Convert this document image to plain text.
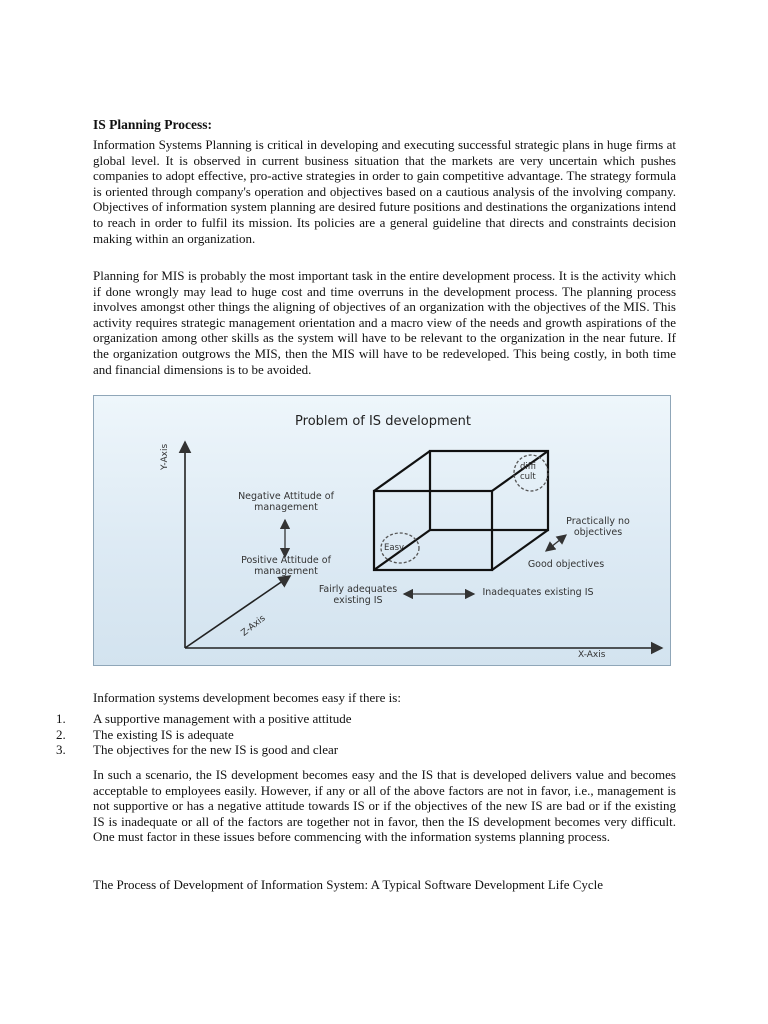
IS Planning Process:

Information Systems Planning is critical in developing and executing successful strategic plans in huge firms at global level. It is observed in current business situation that the markets are very uncertain which pushes companies to adopt effective, pro-active strategies in order to gain competitive advantage. The strategy formula is oriented through company's operation and objectives based on a cautious analysis of the involving company. Objectives of information system planning are desired future positions and destinations the organizations intend to reach in order to fulfil its mission. Its policies are a general guideline that directs and constraints decision making within an organization.

Planning for MIS is probably the most important task in the entire development process. It is the activity which if done wrongly may lead to huge cost and time overruns in the development process. The planning process involves amongst other things the aligning of objectives of an organization with the objectives of the MIS. This activity requires strategic management orientation and a macro view of the needs and growth aspirations of the organization among other skills as the system will have to be relevant to the organization in the near future. If the organization outgrows the MIS, then the MIS will have to be redeveloped. This being costly, in both time and financial dimensions is to be avoided.

Problem of IS development
Y-Axis
X-Axis
Z-Axis
Negative Attitude of management
Positive Attitude of management
Fairly adequates existing IS
Inadequates existing IS
Practically no objectives
Good objectives
diffi
cult
Easy
Information systems development becomes easy if there is:
1.	A supportive management with a positive attitude
2.	The existing IS is adequate
3.	The objectives for the new IS is good and clear

In such a scenario, the IS development becomes easy and the IS that is developed delivers value and becomes acceptable to employees easily. However, if any or all of the above factors are not in favor, i.e., management is not supportive or has a negative attitude towards IS or if the objectives of the new IS are bad or if the existing IS is inadequate or all of the factors are together not in favor, then the IS development becomes very difficult. One must factor in these issues before commencing with the information systems planning process.

The Process of Development of Information System: A Typical Software Development Life Cycle
